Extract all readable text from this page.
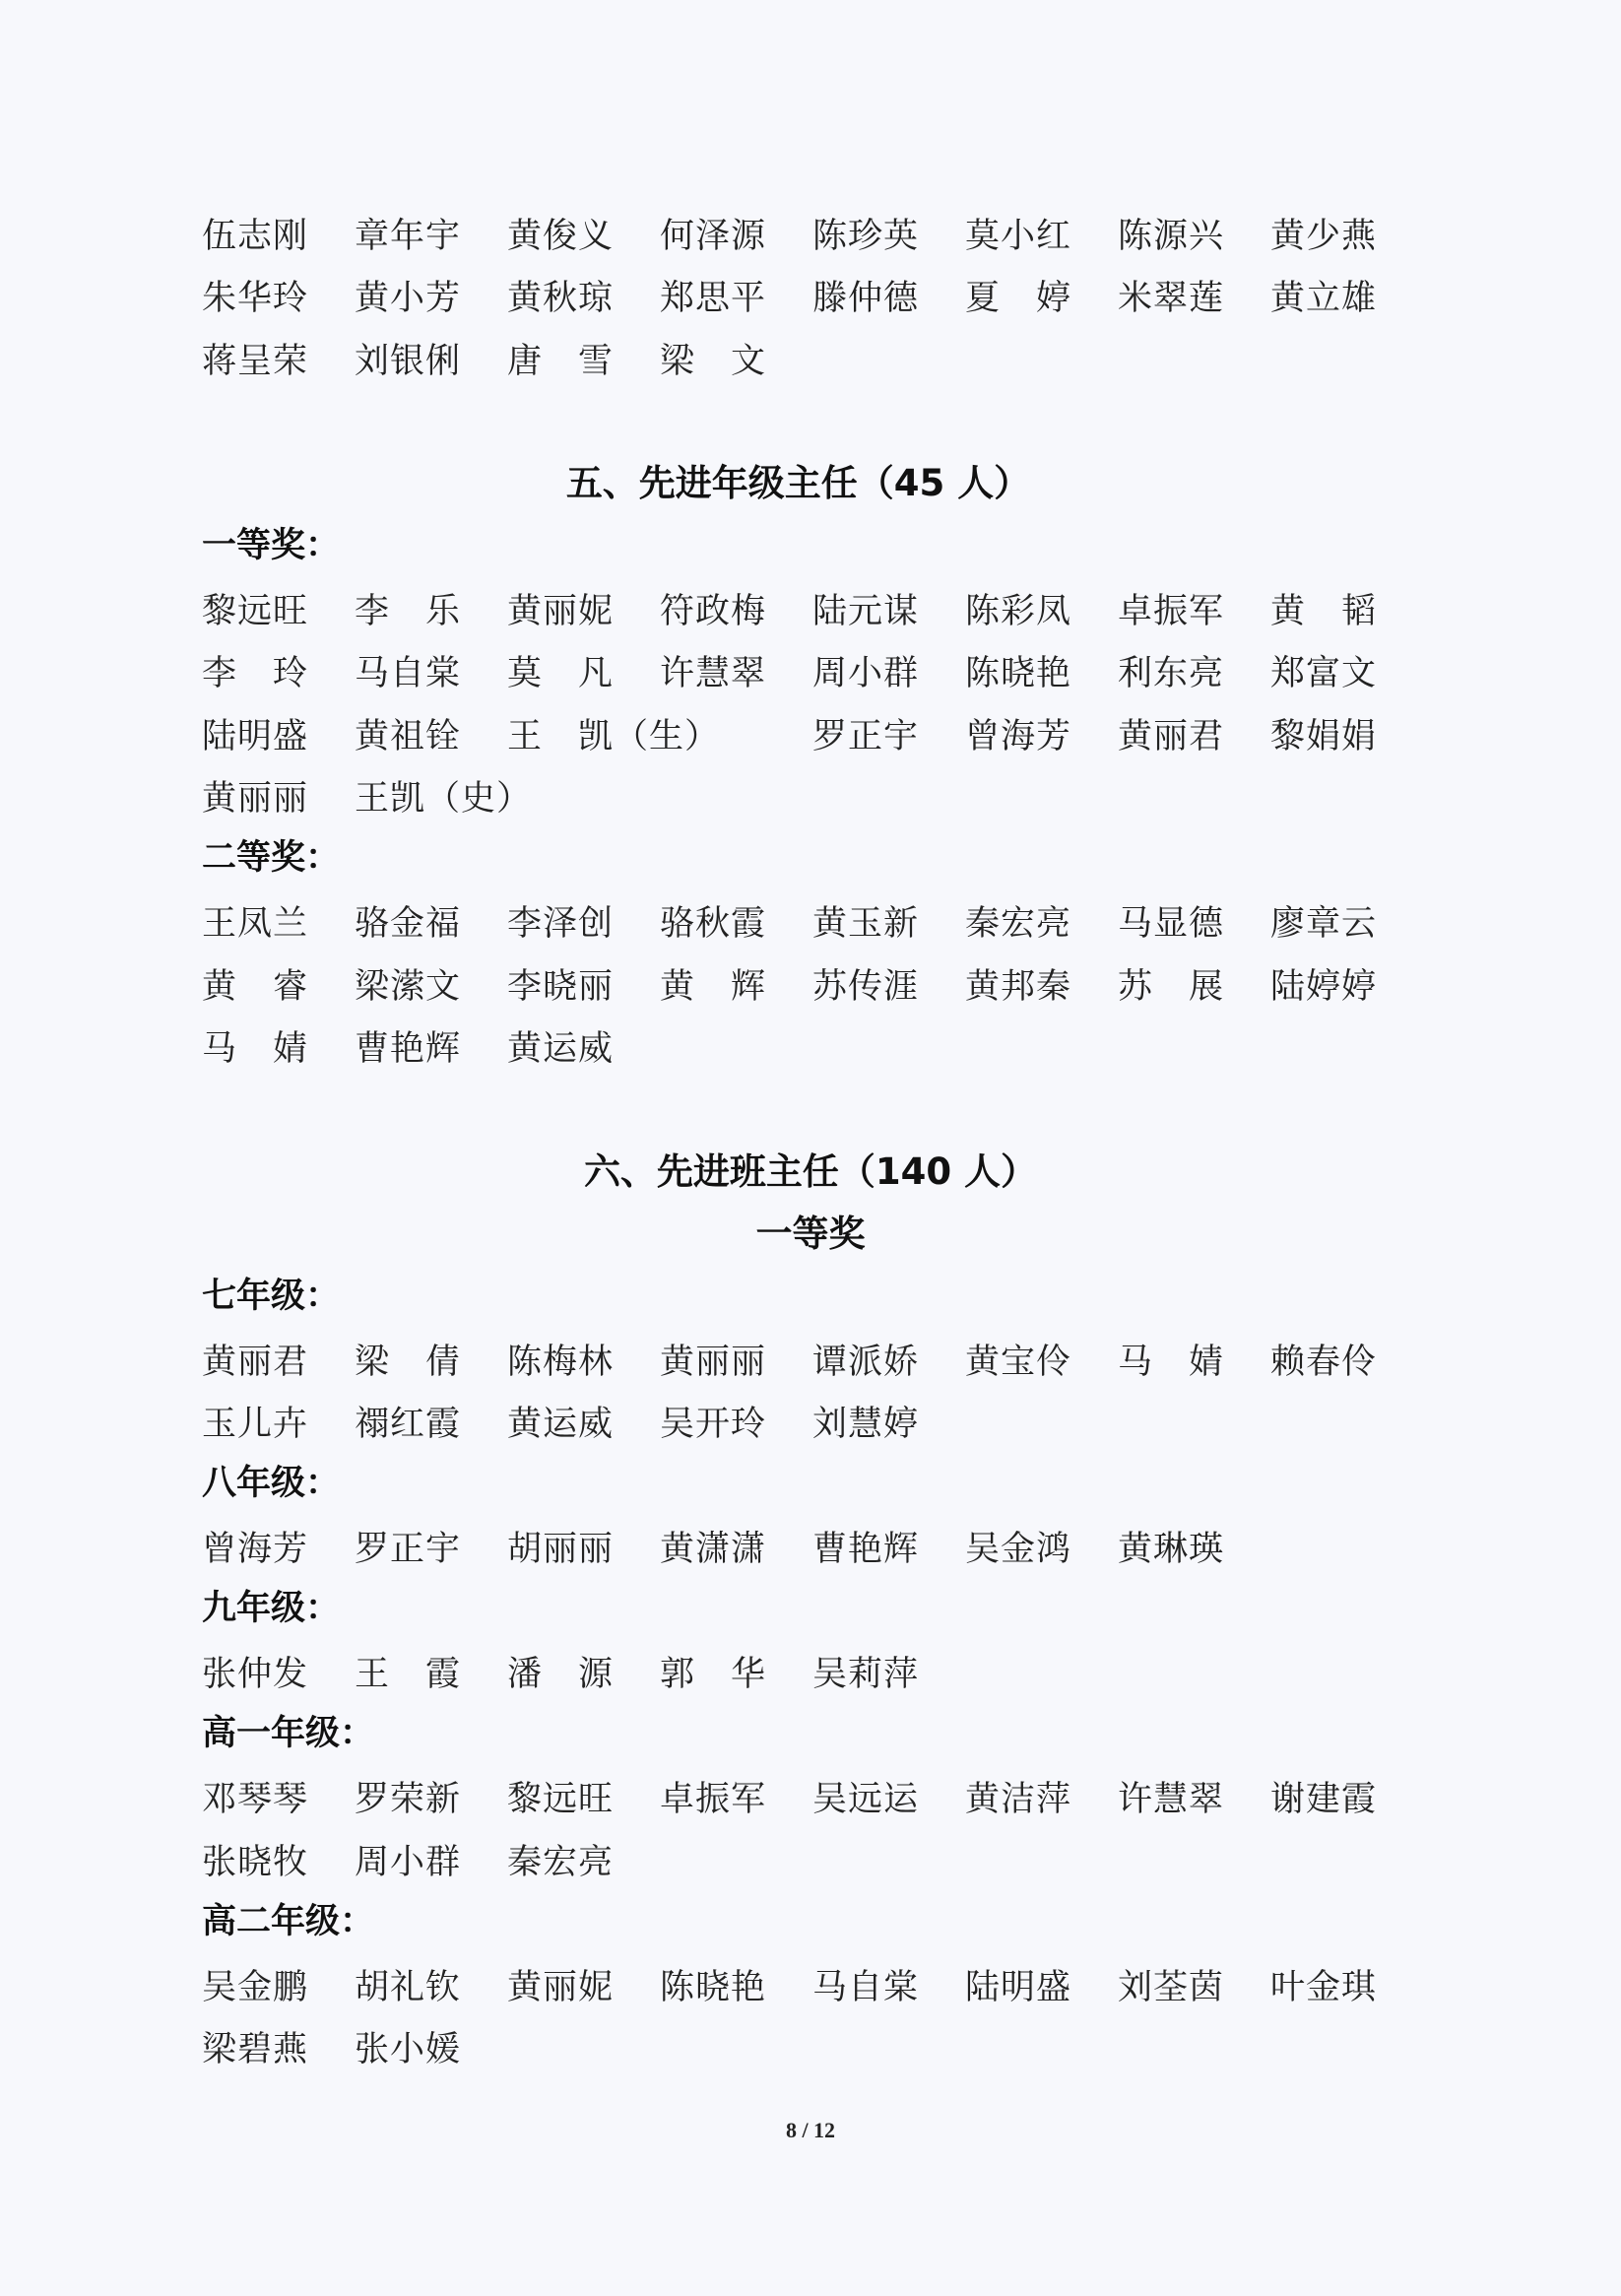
伍志刚	章年宇	黄俊义	何泽源	陈珍英	莫小红	陈源兴	黄少燕
朱华玲	黄小芳	黄秋琼	郑思平	滕仲德	夏　婷	米翠莲	黄立雄
蒋呈荣	刘银俐	唐　雪	梁　文
五、先进年级主任（45 人）
一等奖：
黎远旺	李　乐	黄丽妮	符政梅	陆元谋	陈彩凤	卓振军	黄　韬
李　玲	马自棠	莫　凡	许慧翠	周小群	陈晓艳	利东亮	郑富文
陆明盛	黄祖铨	王　凯（生）	罗正宇	曾海芳	黄丽君	黎娟娟
黄丽丽	王凯（史）
二等奖：
王凤兰	骆金福	李泽创	骆秋霞	黄玉新	秦宏亮	马显德	廖章云
黄　睿	梁潆文	李晓丽	黄　辉	苏传涯	黄邦秦	苏　展	陆婷婷
马　婧	曹艳辉	黄运威
六、先进班主任（140 人）
一等奖
七年级：
黄丽君	梁　倩	陈梅林	黄丽丽	谭派娇	黄宝伶	马　婧	赖春伶
玉儿卉	禤红霞	黄运威	吴开玲	刘慧婷
八年级：
曾海芳	罗正宇	胡丽丽	黄潇潇	曹艳辉	吴金鸿	黄琳瑛
九年级：
张仲发	王　霞	潘　源	郭　华	吴莉萍
高一年级：
邓琴琴	罗荣新	黎远旺	卓振军	吴远运	黄洁萍	许慧翠	谢建霞
张晓牧	周小群	秦宏亮
高二年级：
吴金鹏	胡礼钦	黄丽妮	陈晓艳	马自棠	陆明盛	刘荃茵	叶金琪
梁碧燕	张小媛
8 / 12
